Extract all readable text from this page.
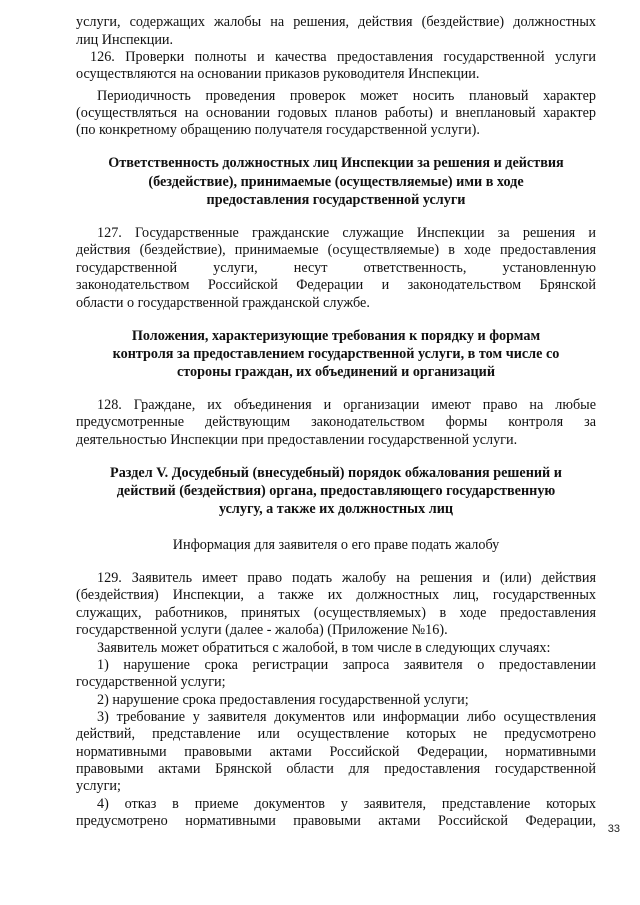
33
услуги, содержащих жалобы на решения, действия (бездействие) должностных
лиц Инспекции.
126. Проверки полноты и качества предоставления государственной услуги
осуществляются на основании приказов руководителя Инспекции.
Периодичность проведения проверок может носить плановый характер
(осуществляться на основании годовых планов работы) и внеплановый характер
(по конкретному обращению получателя государственной услуги).
Ответственность должностных лиц Инспекции за решения и действия
(бездействие), принимаемые (осуществляемые) ими в ходе
предоставления государственной услуги
127. Государственные гражданские служащие Инспекции за решения и
действия (бездействие), принимаемые (осуществляемые) в ходе предоставления
государственной услуги, несут ответственность, установленную
законодательством Российской Федерации и законодательством Брянской
области о государственной гражданской службе.
Положения, характеризующие требования к порядку и формам
контроля за предоставлением государственной услуги, в том числе со
стороны граждан, их объединений и организаций
128. Граждане, их объединения и организации имеют право на любые
предусмотренные действующим законодательством формы контроля за
деятельностью Инспекции при предоставлении государственной услуги.
Раздел V. Досудебный (внесудебный) порядок обжалования решений и
действий (бездействия) органа, предоставляющего государственную
услугу, а также их должностных лиц
Информация для заявителя о его праве подать жалобу
129. Заявитель имеет право подать жалобу на решения и (или) действия
(бездействия) Инспекции, а также их должностных лиц, государственных
служащих, работников, принятых (осуществляемых) в ходе предоставления
государственной услуги (далее - жалоба) (Приложение №16).
Заявитель может обратиться с жалобой, в том числе в следующих случаях:
1) нарушение срока регистрации запроса заявителя о предоставлении
государственной услуги;
2) нарушение срока предоставления государственной услуги;
3) требование у заявителя документов или информации либо осуществления
действий, представление или осуществление которых не предусмотрено
нормативными правовыми актами Российской Федерации, нормативными
правовыми актами Брянской области для предоставления государственной
услуги;
4) отказ в приеме документов у заявителя, представление которых
предусмотрено нормативными правовыми актами Российской Федерации,
